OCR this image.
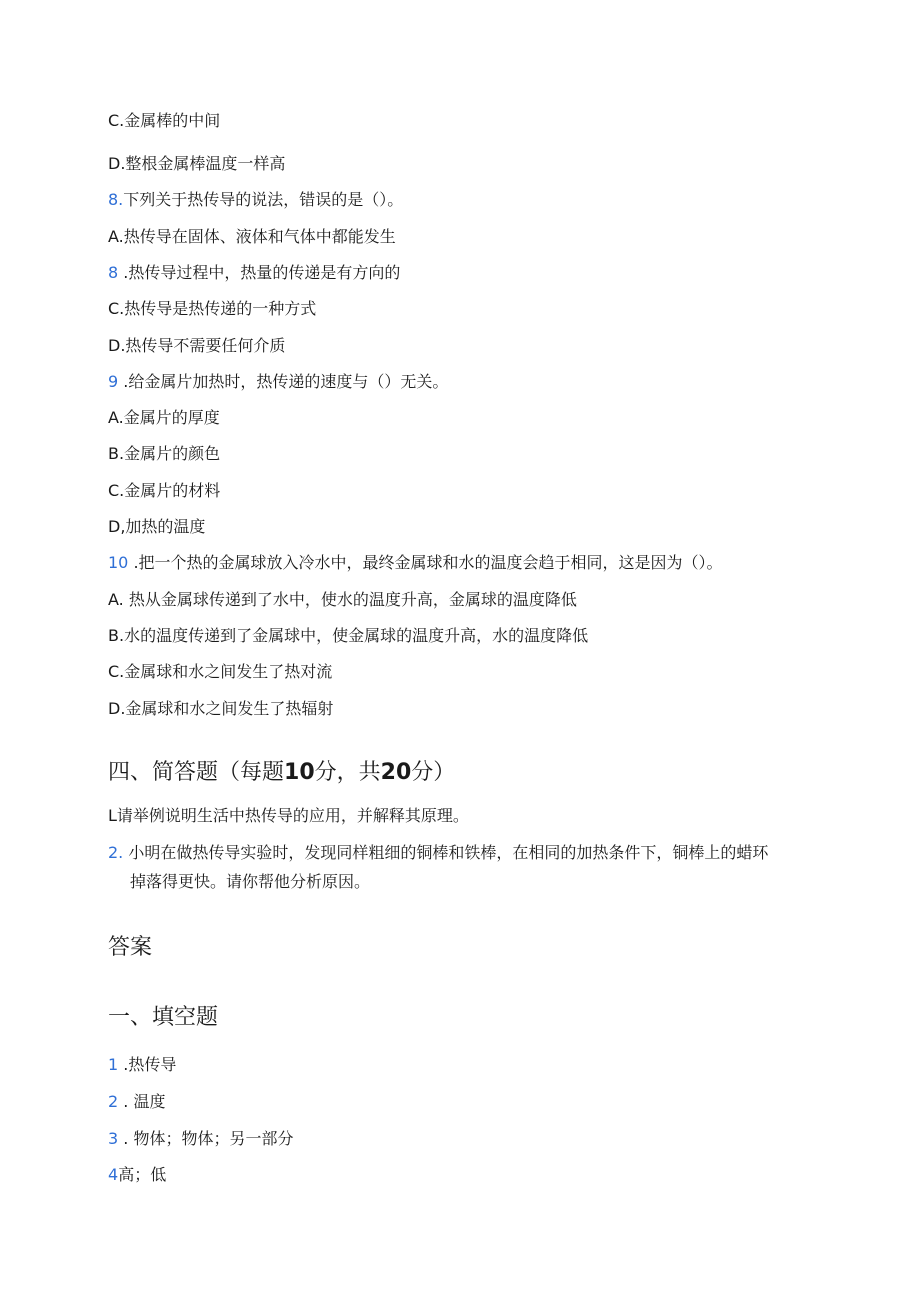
C.金属棒的中间
D.整根金属棒温度一样高
8.下列关于热传导的说法，错误的是（）。
A.热传导在固体、液体和气体中都能发生
8 .热传导过程中，热量的传递是有方向的
C.热传导是热传递的一种方式
D.热传导不需要任何介质
9 .给金属片加热时，热传递的速度与（）无关。
A.金属片的厚度
B.金属片的颜色
C.金属片的材料
D,加热的温度
10 .把一个热的金属球放入冷水中，最终金属球和水的温度会趋于相同，这是因为（）。
A. 热从金属球传递到了水中，使水的温度升高，金属球的温度降低
B.水的温度传递到了金属球中，使金属球的温度升高，水的温度降低
C.金属球和水之间发生了热对流
D.金属球和水之间发生了热辐射
四、简答题（每题10分，共20分）
L请举例说明生活中热传导的应用，并解释其原理。
2. 小明在做热传导实验时，发现同样粗细的铜棒和铁棒，在相同的加热条件下，铜棒上的蜡环
掉落得更快。请你帮他分析原因。
答案
一、填空题
1 .热传导
2 . 温度
3 . 物体；物体；另一部分
4高；低
